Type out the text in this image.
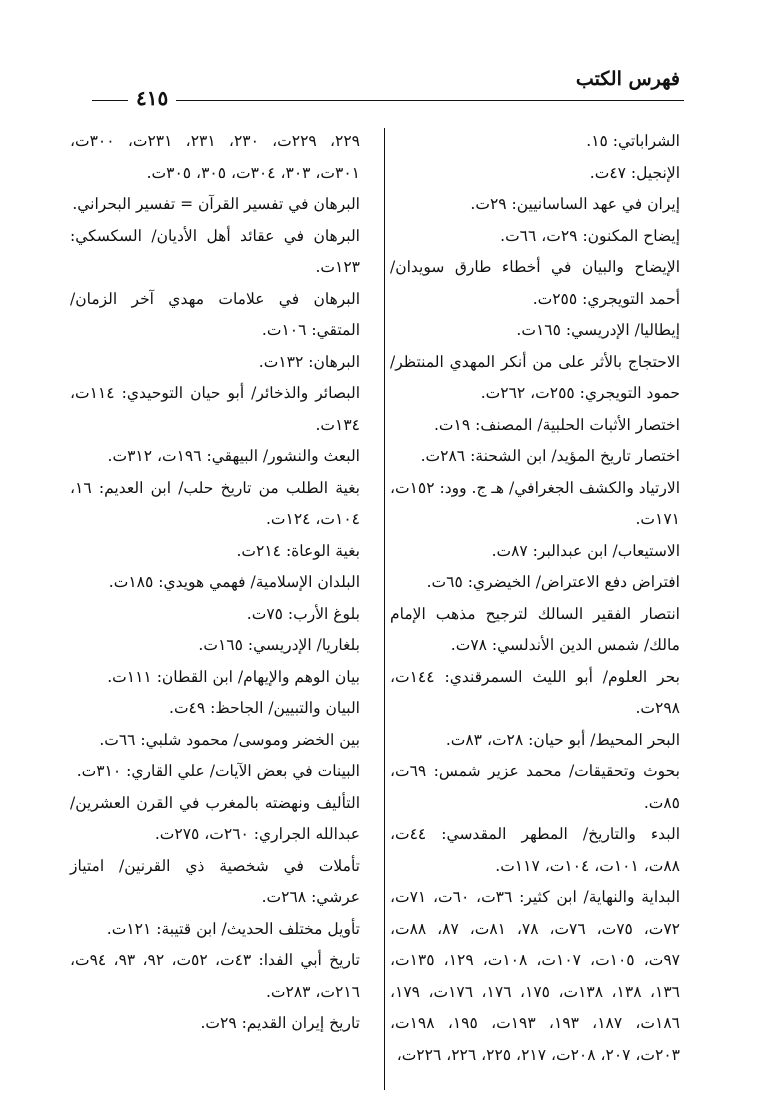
فهرس الكتب
٤١٥

الشراباتي: ١٥.

الإنجيل: ٤٧ت.

إيران في عهد الساسانيين: ٢٩ت.

إيضاح المكنون: ٢٩ت، ٦٦ت.

الإيضاح والبيان في أخطاء طارق سويدان/ أحمد التويجري: ٢٥٥ت.

إيطاليا/ الإدريسي: ١٦٥ت.

الاحتجاج بالأثر على من أنكر المهدي المنتظر/ حمود التويجري: ٢٥٥ت، ٢٦٢ت.

اختصار الأثبات الحلبية/ المصنف: ١٩ت.

اختصار تاريخ المؤيد/ ابن الشحنة: ٢٨٦ت.

الارتياد والكشف الجغرافي/ هـ ج. وود: ١٥٢ت، ١٧١ت.

الاستيعاب/ ابن عبدالبر: ٨٧ت.

افتراض دفع الاعتراض/ الخيضري: ٦٥ت.

انتصار الفقير السالك لترجيح مذهب الإمام مالك/ شمس الدين الأندلسي: ٧٨ت.

بحر العلوم/ أبو الليث السمرقندي: ١٤٤ت، ٢٩٨ت.

البحر المحيط/ أبو حيان: ٢٨ت، ٨٣ت.

بحوث وتحقيقات/ محمد عزير شمس: ٦٩ت، ٨٥ت.

البدء والتاريخ/ المطهر المقدسي: ٤٤ت، ٨٨ت، ١٠١ت، ١٠٤ت، ١١٧ت.

البداية والنهاية/ ابن كثير: ٣٦ت، ٦٠ت، ٧١ت، ٧٢ت، ٧٥ت، ٧٦ت، ٧٨، ٨١ت، ٨٧، ٨٨ت، ٩٧ت، ١٠٥ت، ١٠٧ت، ١٠٨ت، ١٢٩، ١٣٥ت، ١٣٦، ١٣٨، ١٣٨ت، ١٧٥، ١٧٦، ١٧٦ت، ١٧٩، ١٨٦ت، ١٨٧، ١٩٣، ١٩٣ت، ١٩٥، ١٩٨ت، ٢٠٣ت، ٢٠٧، ٢٠٨ت، ٢١٧، ٢٢٥، ٢٢٦، ٢٢٦ت،

٢٢٩، ٢٢٩ت، ٢٣٠، ٢٣١، ٢٣١ت، ٣٠٠ت، ٣٠١ت، ٣٠٣، ٣٠٤ت، ٣٠٥، ٣٠٥ت.

البرهان في تفسير القرآن = تفسير البحراني.

البرهان في عقائد أهل الأديان/ السكسكي: ١٢٣ت.

البرهان في علامات مهدي آخر الزمان/ المتقي: ١٠٦ت.

البرهان: ١٣٢ت.

البصائر والذخائر/ أبو حيان التوحيدي: ١١٤ت، ١٣٤ت.

البعث والنشور/ البيهقي: ١٩٦ت، ٣١٢ت.

بغية الطلب من تاريخ حلب/ ابن العديم: ١٦، ١٠٤ت، ١٢٤ت.

بغية الوعاة: ٢١٤ت.

البلدان الإسلامية/ فهمي هويدي: ١٨٥ت.

بلوغ الأرب: ٧٥ت.

بلغاريا/ الإدريسي: ١٦٥ت.

بيان الوهم والإيهام/ ابن القطان: ١١١ت.

البيان والتبيين/ الجاحظ: ٤٩ت.

بين الخضر وموسى/ محمود شلبي: ٦٦ت.

البينات في بعض الآيات/ علي القاري: ٣١٠ت.

التأليف ونهضته بالمغرب في القرن العشرين/ عبدالله الجراري: ٢٦٠ت، ٢٧٥ت.

تأملات في شخصية ذي القرنين/ امتياز عرشي: ٢٦٨ت.

تأويل مختلف الحديث/ ابن قتيبة: ١٢١ت.

تاريخ أبي الفدا: ٤٣ت، ٥٢ت، ٩٢، ٩٣، ٩٤ت، ٢١٦ت، ٢٨٣ت.

تاريخ إيران القديم: ٢٩ت.
